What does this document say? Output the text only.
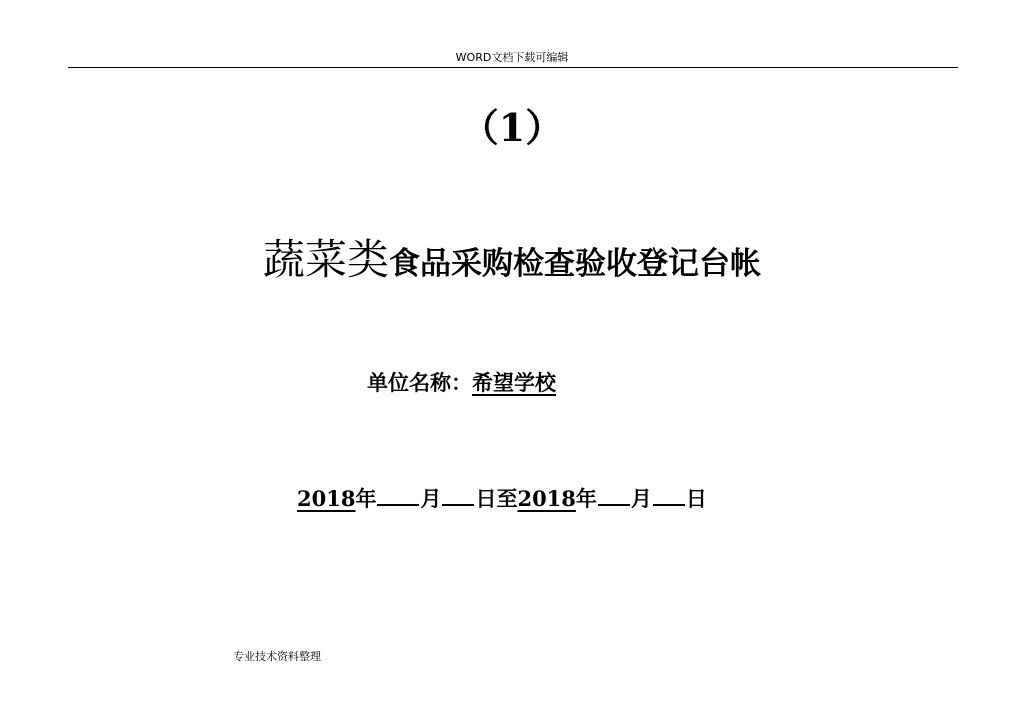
WORD文档下载可编辑
（1）
蔬菜类食品采购检查验收登记台帐
单位名称：希望学校
2018年 月 日至2018年 月 日
专业技术资料整理
